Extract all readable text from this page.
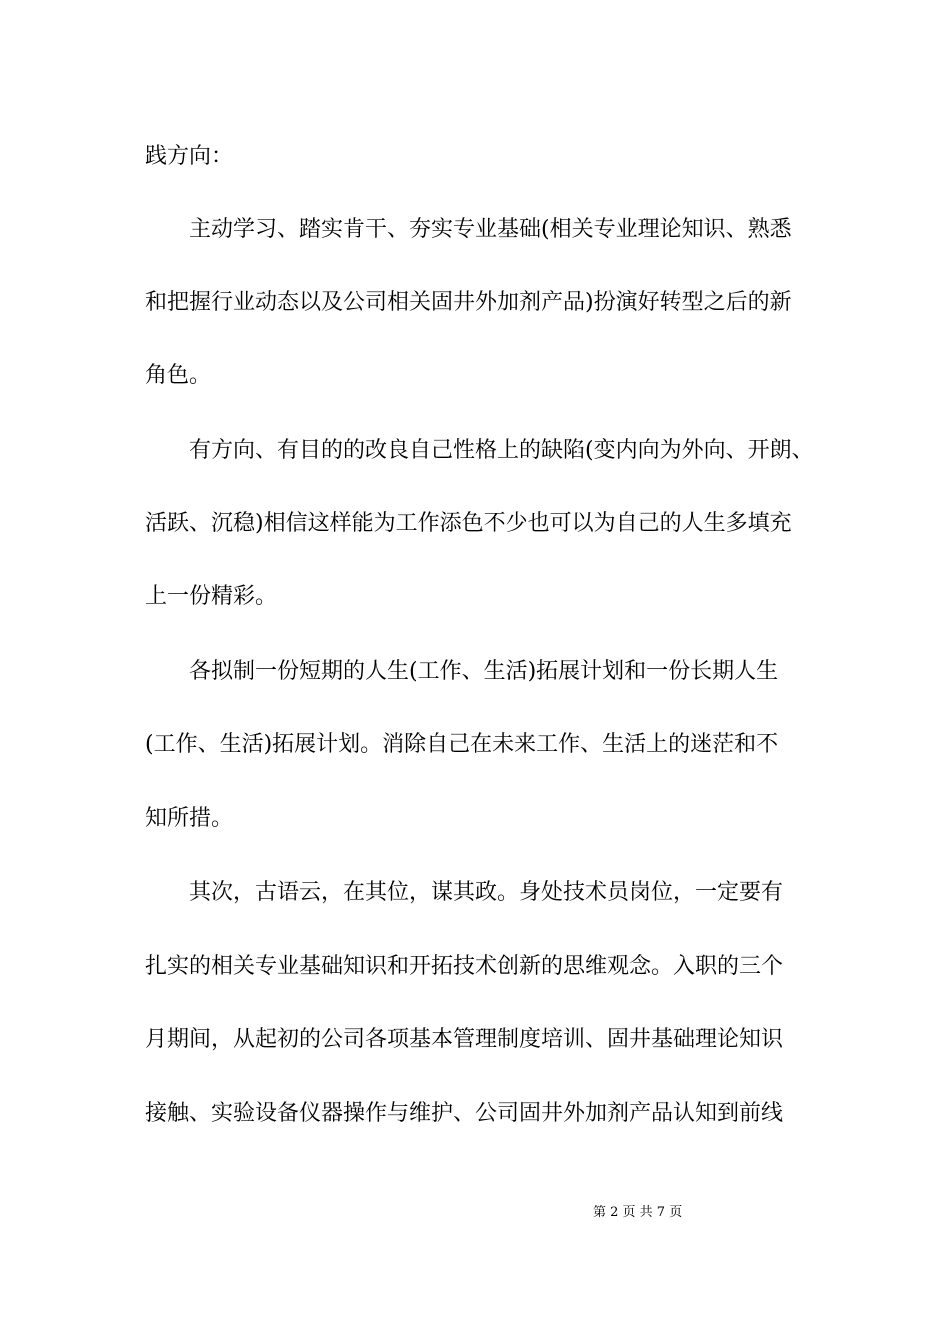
践方向：
主动学习、踏实肯干、夯实专业基础(相关专业理论知识、熟悉
和把握行业动态以及公司相关固井外加剂产品)扮演好转型之后的新
角色。
有方向、有目的的改良自己性格上的缺陷(变内向为外向、开朗、
活跃、沉稳)相信这样能为工作添色不少也可以为自己的人生多填充
上一份精彩。
各拟制一份短期的人生(工作、生活)拓展计划和一份长期人生
(工作、生活)拓展计划。消除自己在未来工作、生活上的迷茫和不
知所措。
其次，古语云，在其位，谋其政。身处技术员岗位，一定要有
扎实的相关专业基础知识和开拓技术创新的思维观念。入职的三个
月期间，从起初的公司各项基本管理制度培训、固井基础理论知识
接触、实验设备仪器操作与维护、公司固井外加剂产品认知到前线
第 2 页 共 7 页
